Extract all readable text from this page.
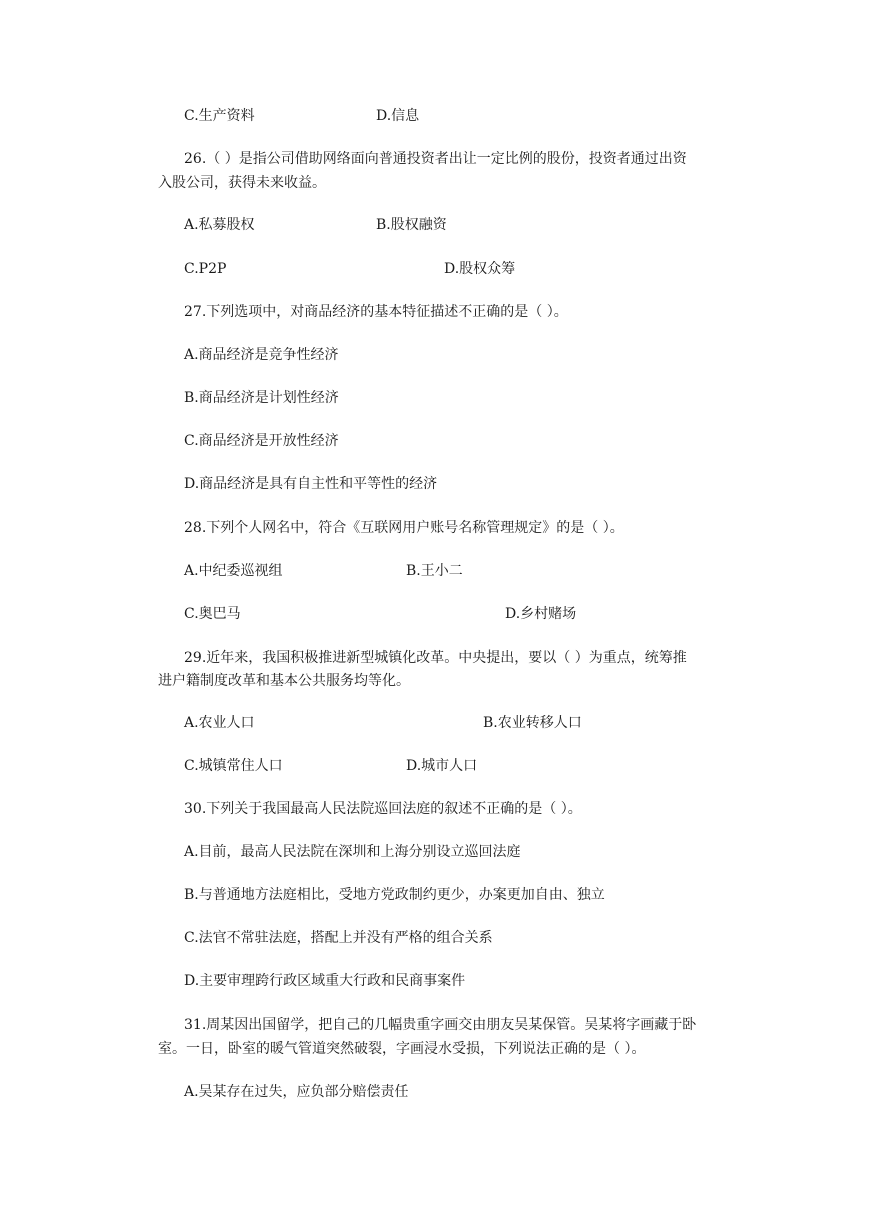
C.生产资料	D.信息
26.（ ）是指公司借助网络面向普通投资者出让一定比例的股份，投资者通过出资
入股公司，获得未来收益。
A.私募股权	B.股权融资
C.P2P	D.股权众筹
27.下列选项中，对商品经济的基本特征描述不正确的是（ ）。
A.商品经济是竞争性经济
B.商品经济是计划性经济
C.商品经济是开放性经济
D.商品经济是具有自主性和平等性的经济
28.下列个人网名中，符合《互联网用户账号名称管理规定》的是（ ）。
A.中纪委巡视组	B.王小二
C.奥巴马	D.乡村赌场
29.近年来，我国积极推进新型城镇化改革。中央提出，要以（ ）为重点，统筹推
进户籍制度改革和基本公共服务均等化。
A.农业人口	B.农业转移人口
C.城镇常住人口	D.城市人口
30.下列关于我国最高人民法院巡回法庭的叙述不正确的是（ ）。
A.目前，最高人民法院在深圳和上海分别设立巡回法庭
B.与普通地方法庭相比，受地方党政制约更少，办案更加自由、独立
C.法官不常驻法庭，搭配上并没有严格的组合关系
D.主要审理跨行政区域重大行政和民商事案件
31.周某因出国留学，把自己的几幅贵重字画交由朋友吴某保管。吴某将字画藏于卧
室。一日，卧室的暖气管道突然破裂，字画浸水受损，下列说法正确的是（ ）。
A.吴某存在过失，应负部分赔偿责任
